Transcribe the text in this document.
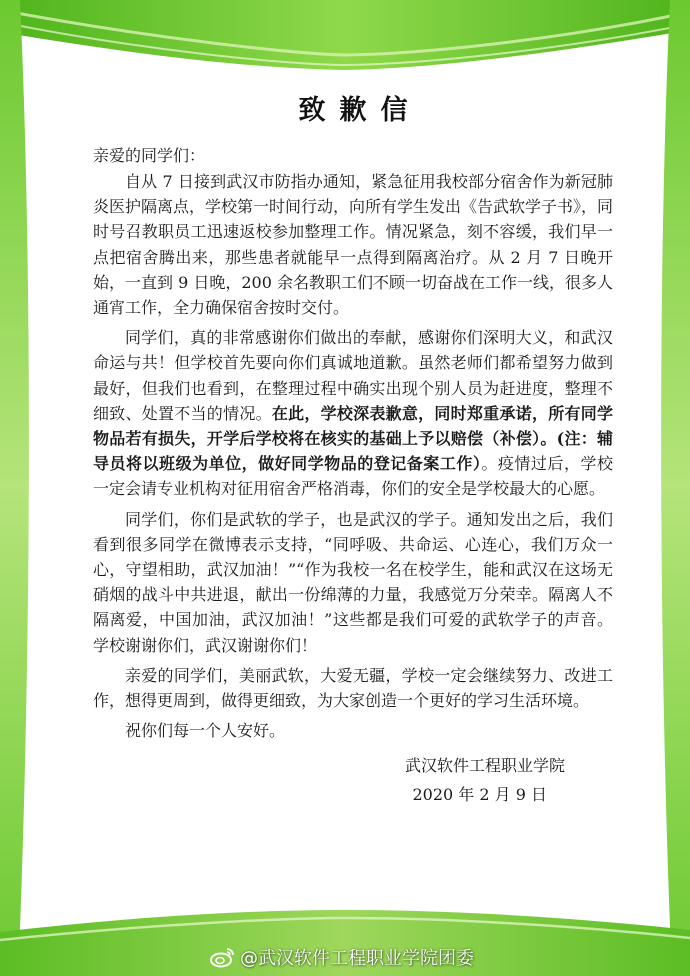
致歉信
亲爱的同学们：

自从 7 日接到武汉市防指办通知，紧急征用我校部分宿舍作为新冠肺炎医护隔离点，学校第一时间行动，向所有学生发出《告武软学子书》，同时号召教职员工迅速返校参加整理工作。情况紧急，刻不容缓，我们早一点把宿舍腾出来，那些患者就能早一点得到隔离治疗。从 2 月 7 日晚开始，一直到 9 日晚，200 余名教职工们不顾一切奋战在工作一线，很多人通宵工作，全力确保宿舍按时交付。

同学们，真的非常感谢你们做出的奉献，感谢你们深明大义，和武汉命运与共！但学校首先要向你们真诚地道歉。虽然老师们都希望努力做到最好，但我们也看到，在整理过程中确实出现个别人员为赶进度，整理不细致、处置不当的情况。在此，学校深表歉意，同时郑重承诺，所有同学物品若有损失，开学后学校将在核实的基础上予以赔偿（补偿）。(注：辅导员将以班级为单位，做好同学物品的登记备案工作）。疫情过后，学校一定会请专业机构对征用宿舍严格消毒，你们的安全是学校最大的心愿。

同学们，你们是武软的学子，也是武汉的学子。通知发出之后，我们看到很多同学在微博表示支持，“同呼吸、共命运、心连心，我们万众一心，守望相助，武汉加油！”“作为我校一名在校学生，能和武汉在这场无硝烟的战斗中共进退，献出一份绵薄的力量，我感觉万分荣幸。隔离人不隔离爱，中国加油，武汉加油！”这些都是我们可爱的武软学子的声音。学校谢谢你们，武汉谢谢你们！

亲爱的同学们，美丽武软，大爱无疆，学校一定会继续努力、改进工作，想得更周到，做得更细致，为大家创造一个更好的学习生活环境。

祝你们每一个人安好。

武汉软件工程职业学院
2020 年 2 月 9 日
@武汉软件工程职业学院团委
